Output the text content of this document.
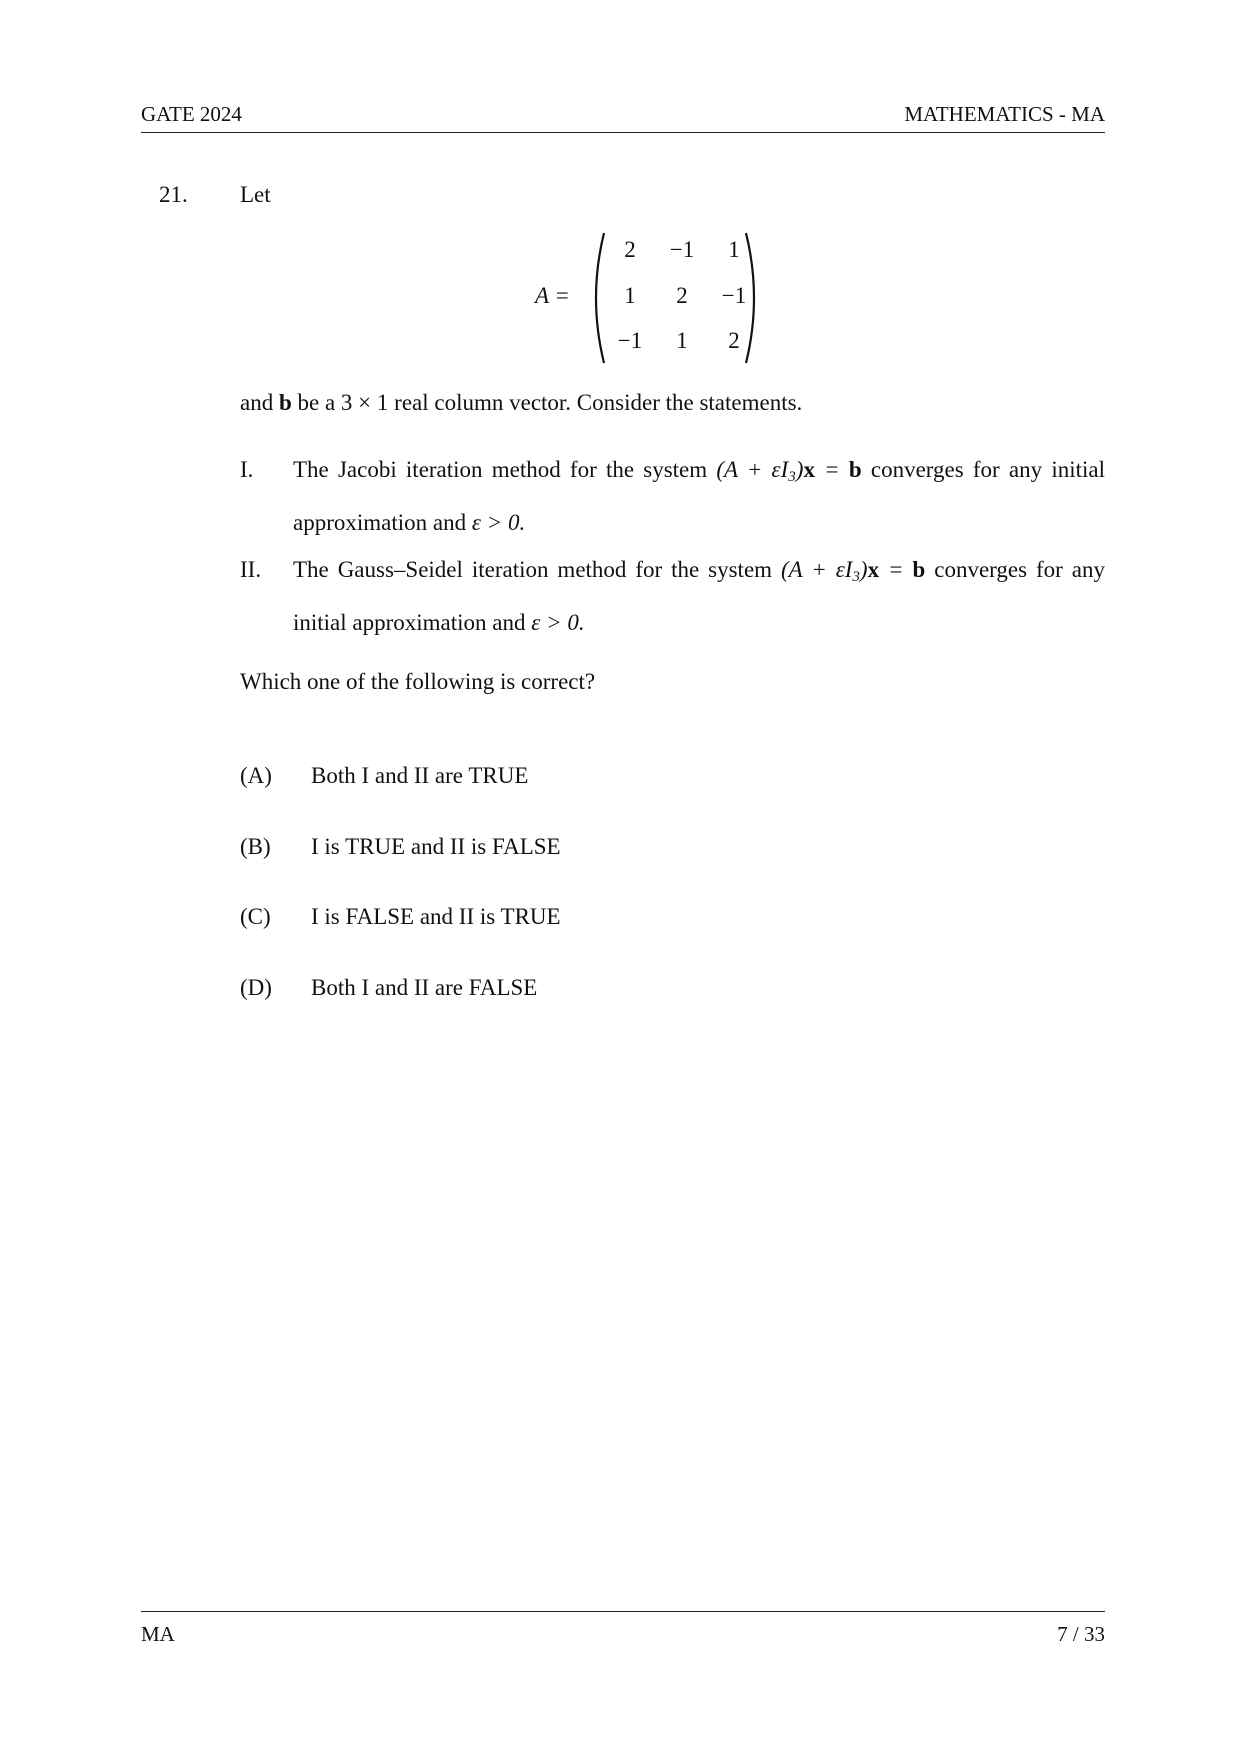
GATE 2024	MATHEMATICS - MA
21. Let
A =
2 −1 1
1 2 −1
−1 1 2
and b be a 3 × 1 real column vector. Consider the statements.
I. The Jacobi iteration method for the system (A + εI3)x = b converges for any initial approximation and ε > 0.
II. The Gauss–Seidel iteration method for the system (A + εI3)x = b converges for any initial approximation and ε > 0.
Which one of the following is correct?
(A) Both I and II are TRUE
(B) I is TRUE and II is FALSE
(C) I is FALSE and II is TRUE
(D) Both I and II are FALSE
MA	7 / 33
